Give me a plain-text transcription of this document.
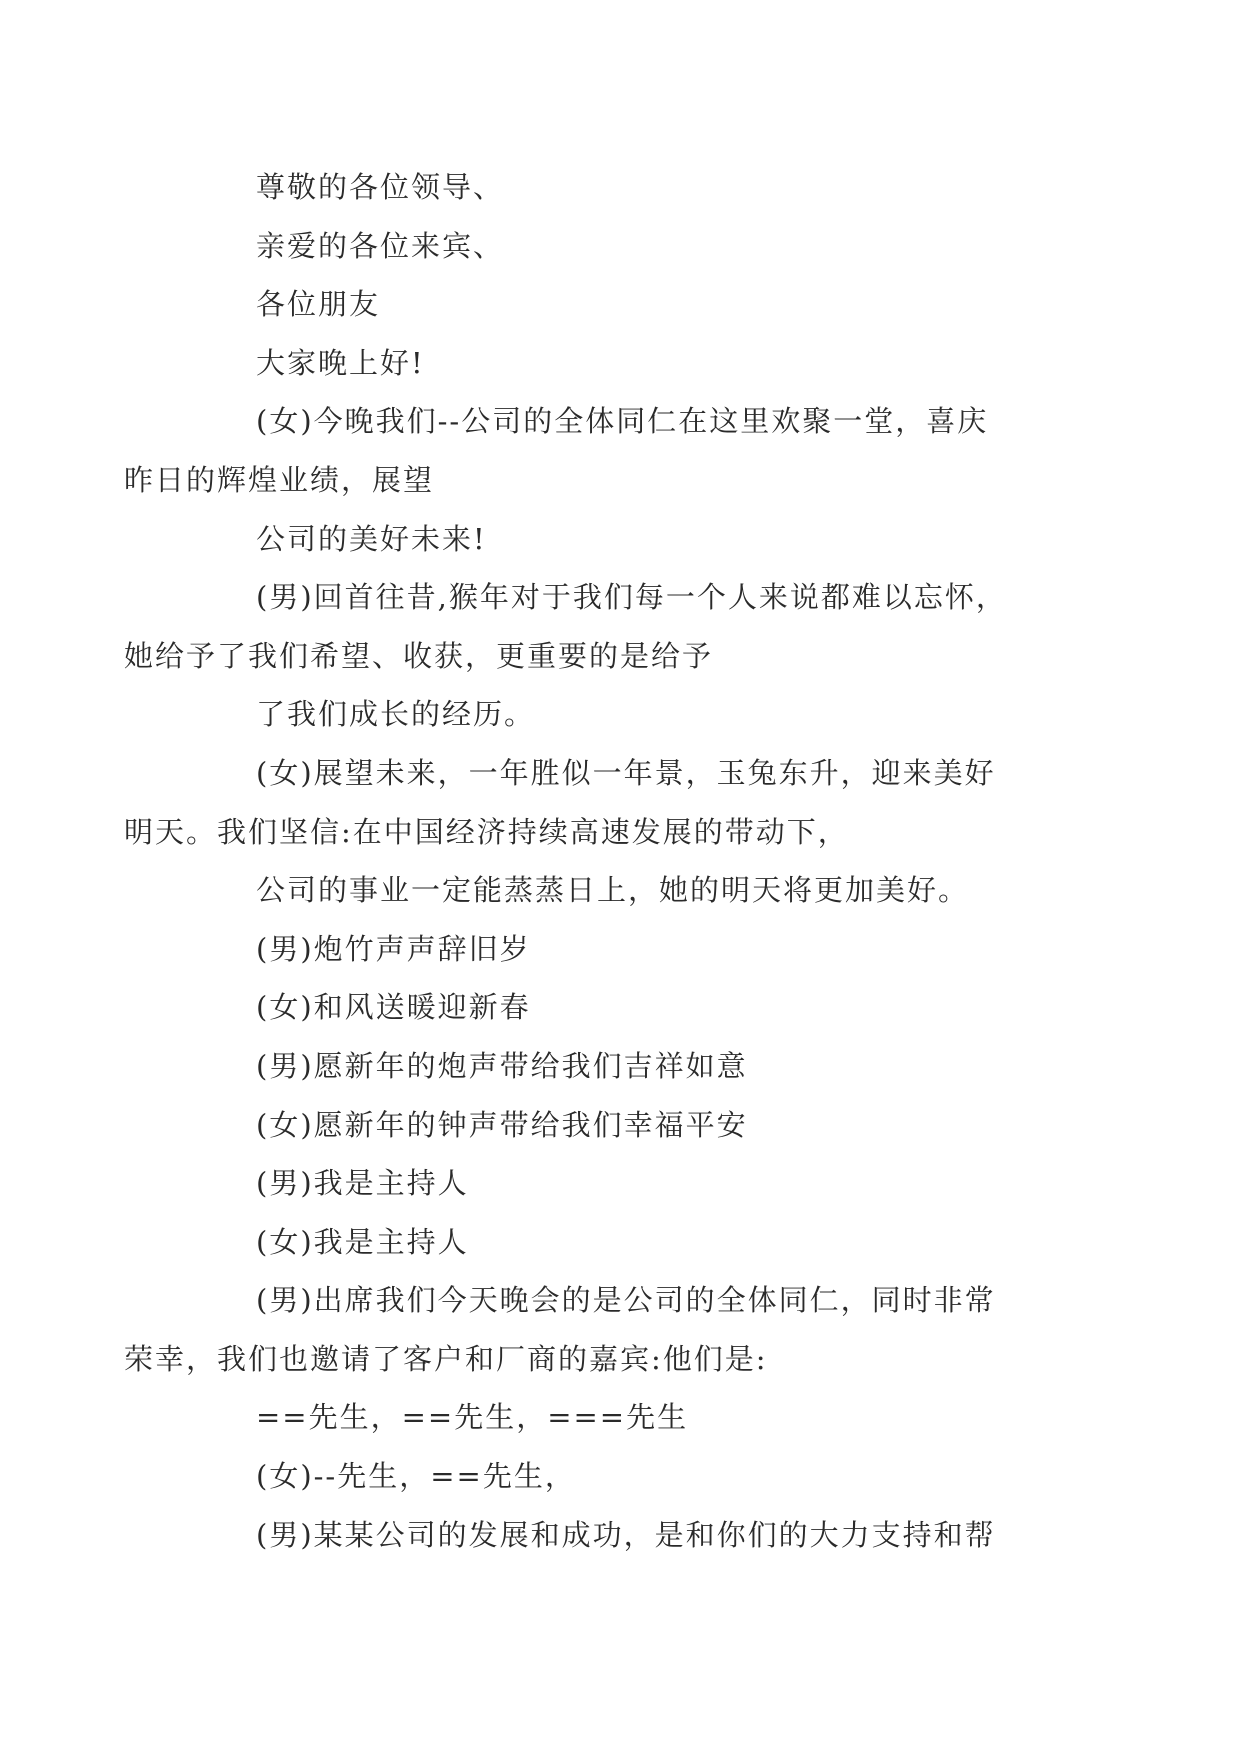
尊敬的各位领导、

亲爱的各位来宾、

各位朋友

大家晚上好!

(女)今晚我们--公司的全体同仁在这里欢聚一堂，喜庆
昨日的辉煌业绩，展望

公司的美好未来!

(男)回首往昔,猴年对于我们每一个人来说都难以忘怀，
她给予了我们希望、收获，更重要的是给予

了我们成长的经历。

(女)展望未来，一年胜似一年景，玉兔东升，迎来美好
明天。我们坚信:在中国经济持续高速发展的带动下，

公司的事业一定能蒸蒸日上，她的明天将更加美好。

(男)炮竹声声辞旧岁

(女)和风送暖迎新春

(男)愿新年的炮声带给我们吉祥如意

(女)愿新年的钟声带给我们幸福平安

(男)我是主持人

(女)我是主持人

(男)出席我们今天晚会的是公司的全体同仁，同时非常
荣幸，我们也邀请了客户和厂商的嘉宾:他们是:

==先生，==先生，===先生

(女)--先生，==先生，

(男)某某公司的发展和成功，是和你们的大力支持和帮
